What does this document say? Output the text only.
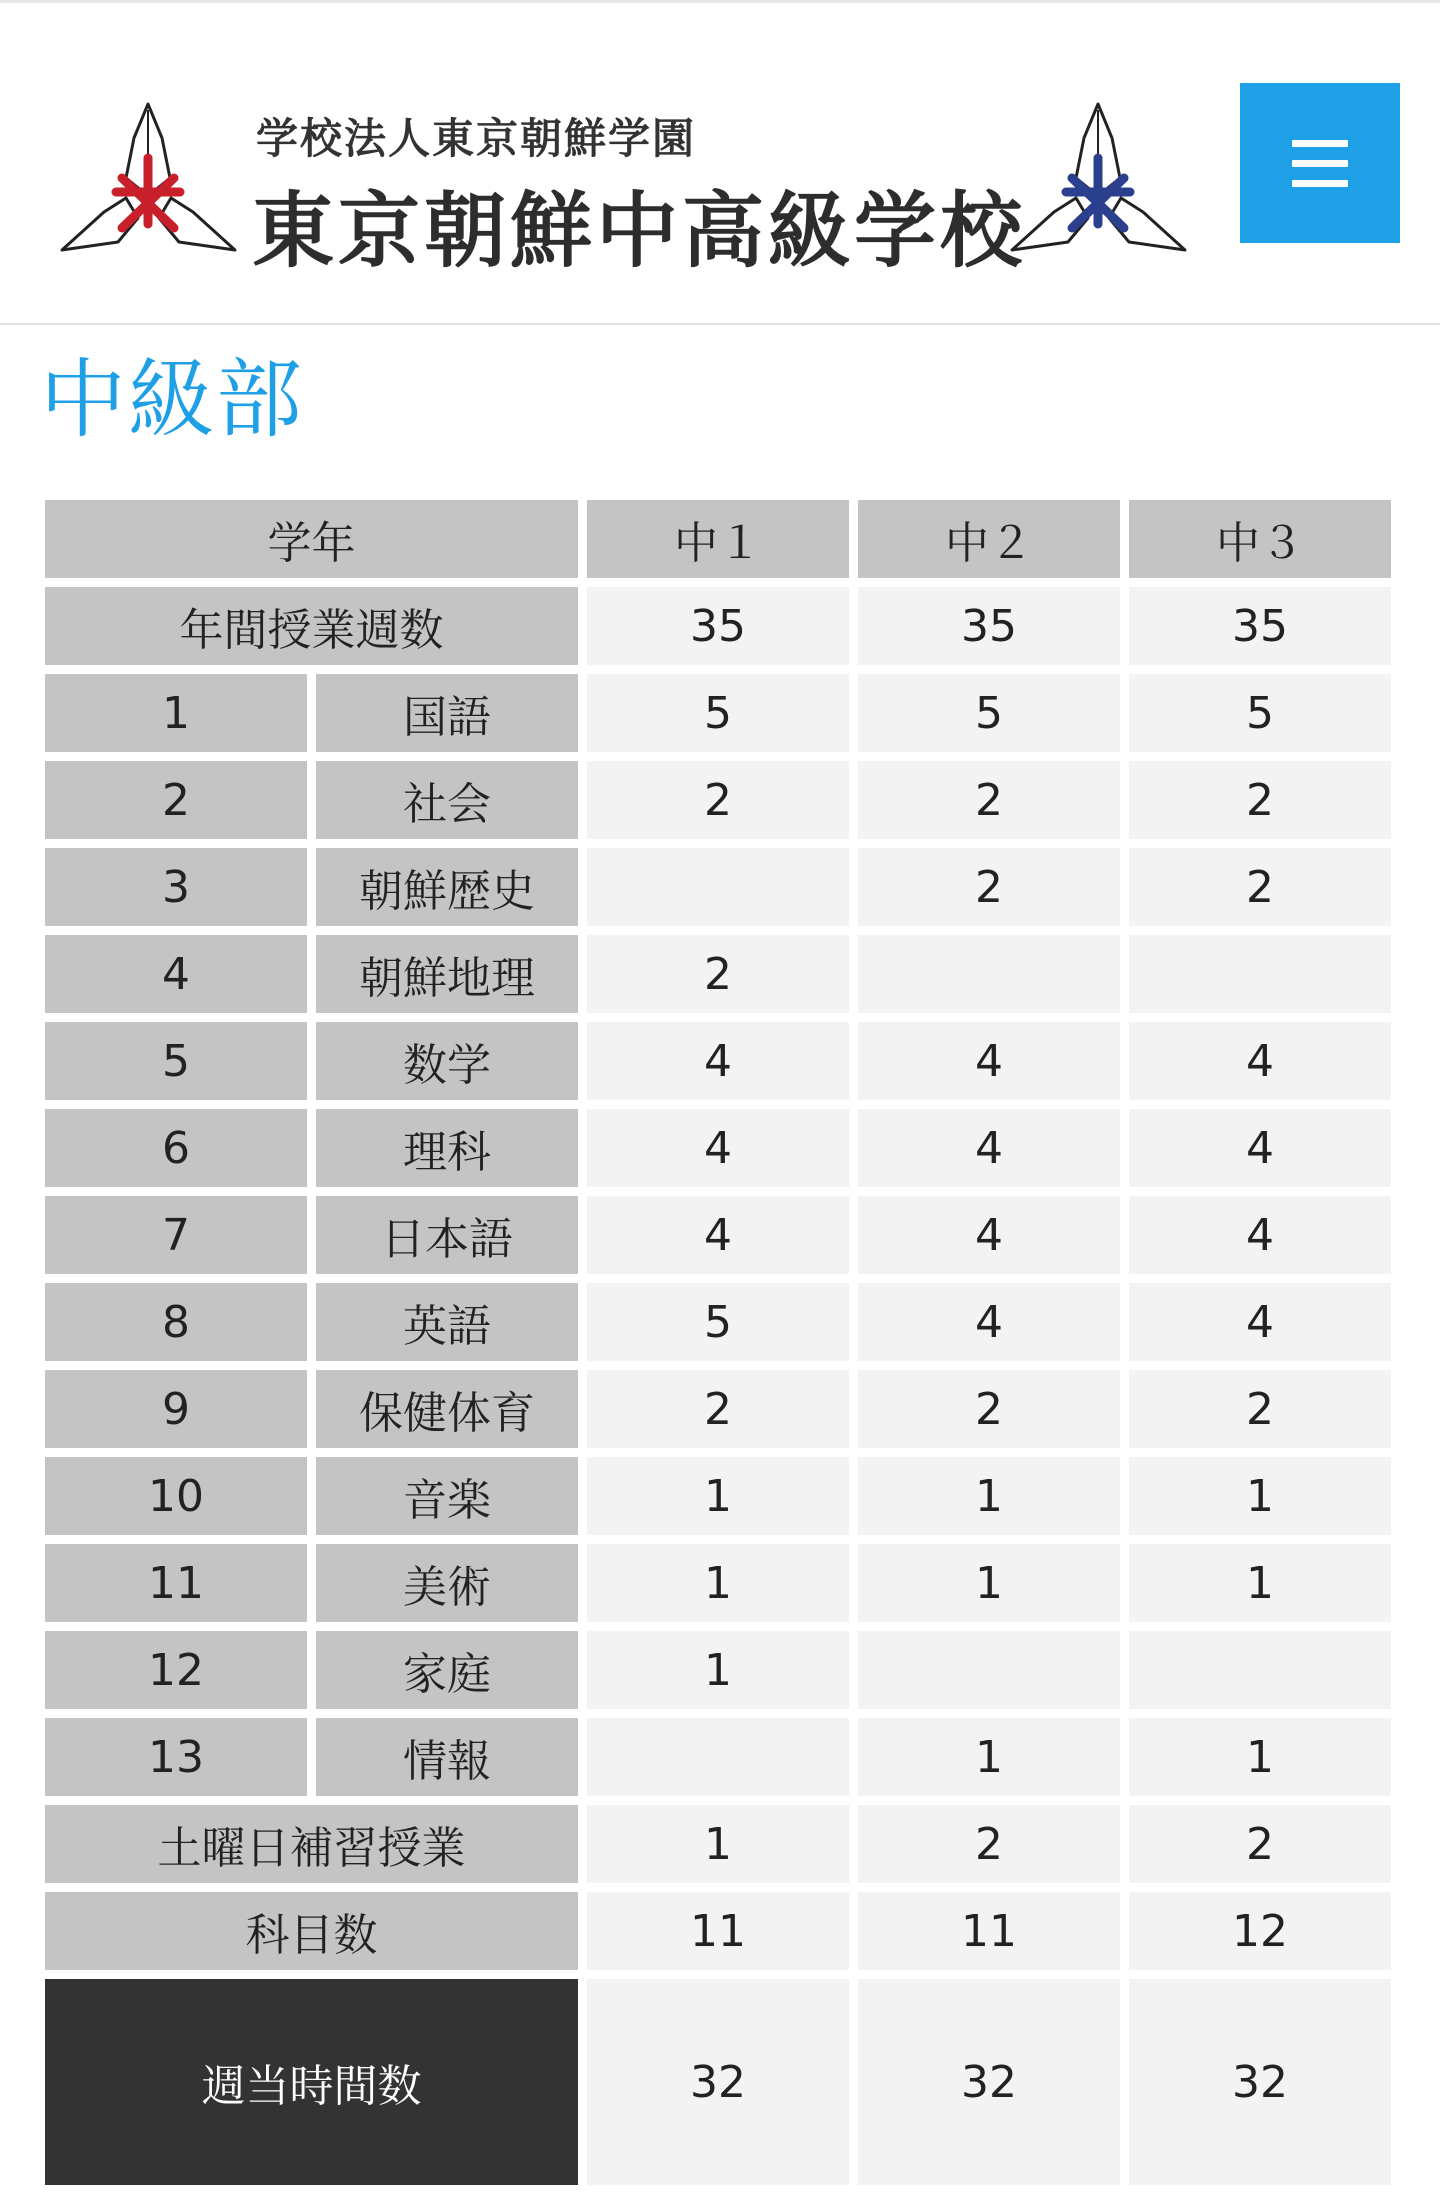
学校法人東京朝鮮学園
東京朝鮮中高級学校
中級部
学年		中１	中２	中３
年間授業週数		35	35	35
1	国語	5	5	5
2	社会	2	2	2
3	朝鮮歴史		2	2
4	朝鮮地理	2		
5	数学	4	4	4
6	理科	4	4	4
7	日本語	4	4	4
8	英語	5	4	4
9	保健体育	2	2	2
10	音楽	1	1	1
11	美術	1	1	1
12	家庭	1		
13	情報		1	1
土曜日補習授業		1	2	2
科目数		11	11	12
週当時間数		32	32	32
